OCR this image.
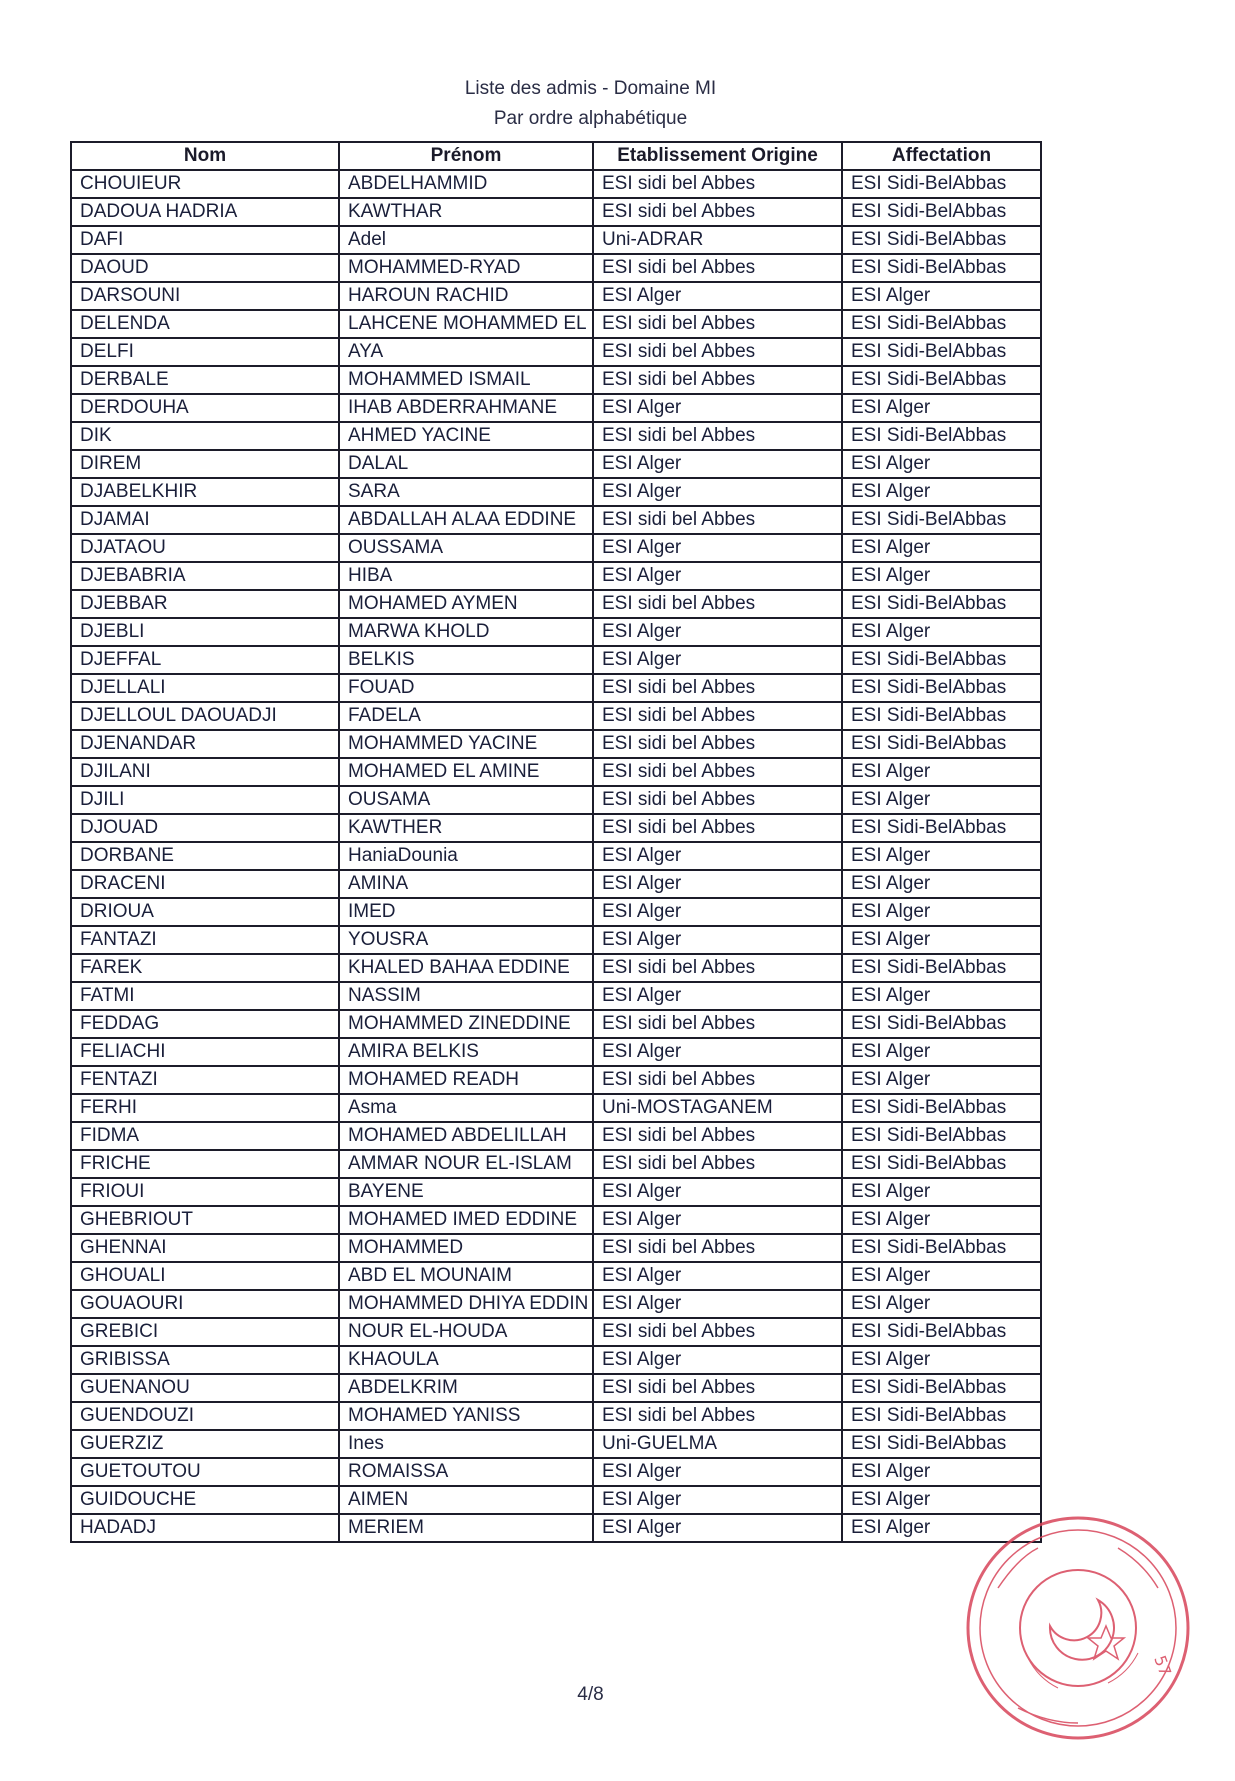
Liste des admis - Domaine MI
Par ordre alphabétique
Nom	Prénom	Etablissement Origine	Affectation
CHOUIEUR	ABDELHAMMID	ESI sidi bel Abbes	ESI Sidi-BelAbbas
DADOUA HADRIA	KAWTHAR	ESI sidi bel Abbes	ESI Sidi-BelAbbas
DAFI	Adel	Uni-ADRAR	ESI Sidi-BelAbbas
DAOUD	MOHAMMED-RYAD	ESI sidi bel Abbes	ESI Sidi-BelAbbas
DARSOUNI	HAROUN RACHID	ESI Alger	ESI Alger
DELENDA	LAHCENE MOHAMMED EL	ESI sidi bel Abbes	ESI Sidi-BelAbbas
DELFI	AYA	ESI sidi bel Abbes	ESI Sidi-BelAbbas
DERBALE	MOHAMMED ISMAIL	ESI sidi bel Abbes	ESI Sidi-BelAbbas
DERDOUHA	IHAB ABDERRAHMANE	ESI Alger	ESI Alger
DIK	AHMED YACINE	ESI sidi bel Abbes	ESI Sidi-BelAbbas
DIREM	DALAL	ESI Alger	ESI Alger
DJABELKHIR	SARA	ESI Alger	ESI Alger
DJAMAI	ABDALLAH ALAA EDDINE	ESI sidi bel Abbes	ESI Sidi-BelAbbas
DJATAOU	OUSSAMA	ESI Alger	ESI Alger
DJEBABRIA	HIBA	ESI Alger	ESI Alger
DJEBBAR	MOHAMED AYMEN	ESI sidi bel Abbes	ESI Sidi-BelAbbas
DJEBLI	MARWA KHOLD	ESI Alger	ESI Alger
DJEFFAL	BELKIS	ESI Alger	ESI Sidi-BelAbbas
DJELLALI	FOUAD	ESI sidi bel Abbes	ESI Sidi-BelAbbas
DJELLOUL DAOUADJI	FADELA	ESI sidi bel Abbes	ESI Sidi-BelAbbas
DJENANDAR	MOHAMMED YACINE	ESI sidi bel Abbes	ESI Sidi-BelAbbas
DJILANI	MOHAMED EL AMINE	ESI sidi bel Abbes	ESI Alger
DJILI	OUSAMA	ESI sidi bel Abbes	ESI Alger
DJOUAD	KAWTHER	ESI sidi bel Abbes	ESI Sidi-BelAbbas
DORBANE	HaniaDounia	ESI Alger	ESI Alger
DRACENI	AMINA	ESI Alger	ESI Alger
DRIOUA	IMED	ESI Alger	ESI Alger
FANTAZI	YOUSRA	ESI Alger	ESI Alger
FAREK	KHALED BAHAA EDDINE	ESI sidi bel Abbes	ESI Sidi-BelAbbas
FATMI	NASSIM	ESI Alger	ESI Alger
FEDDAG	MOHAMMED ZINEDDINE	ESI sidi bel Abbes	ESI Sidi-BelAbbas
FELIACHI	AMIRA BELKIS	ESI Alger	ESI Alger
FENTAZI	MOHAMED READH	ESI sidi bel Abbes	ESI Alger
FERHI	Asma	Uni-MOSTAGANEM	ESI Sidi-BelAbbas
FIDMA	MOHAMED ABDELILLAH	ESI sidi bel Abbes	ESI Sidi-BelAbbas
FRICHE	AMMAR NOUR EL-ISLAM	ESI sidi bel Abbes	ESI Sidi-BelAbbas
FRIOUI	BAYENE	ESI Alger	ESI Alger
GHEBRIOUT	MOHAMED IMED EDDINE	ESI Alger	ESI Alger
GHENNAI	MOHAMMED	ESI sidi bel Abbes	ESI Sidi-BelAbbas
GHOUALI	ABD EL MOUNAIM	ESI Alger	ESI Alger
GOUAOURI	MOHAMMED DHIYA EDDIN	ESI Alger	ESI Alger
GREBICI	NOUR EL-HOUDA	ESI sidi bel Abbes	ESI Sidi-BelAbbas
GRIBISSA	KHAOULA	ESI Alger	ESI Alger
GUENANOU	ABDELKRIM	ESI sidi bel Abbes	ESI Sidi-BelAbbas
GUENDOUZI	MOHAMED YANISS	ESI sidi bel Abbes	ESI Sidi-BelAbbas
GUERZIZ	Ines	Uni-GUELMA	ESI Sidi-BelAbbas
GUETOUTOU	ROMAISSA	ESI Alger	ESI Alger
GUIDOUCHE	AIMEN	ESI Alger	ESI Alger
HADADJ	MERIEM	ESI Alger	ESI Alger
4/8
57
